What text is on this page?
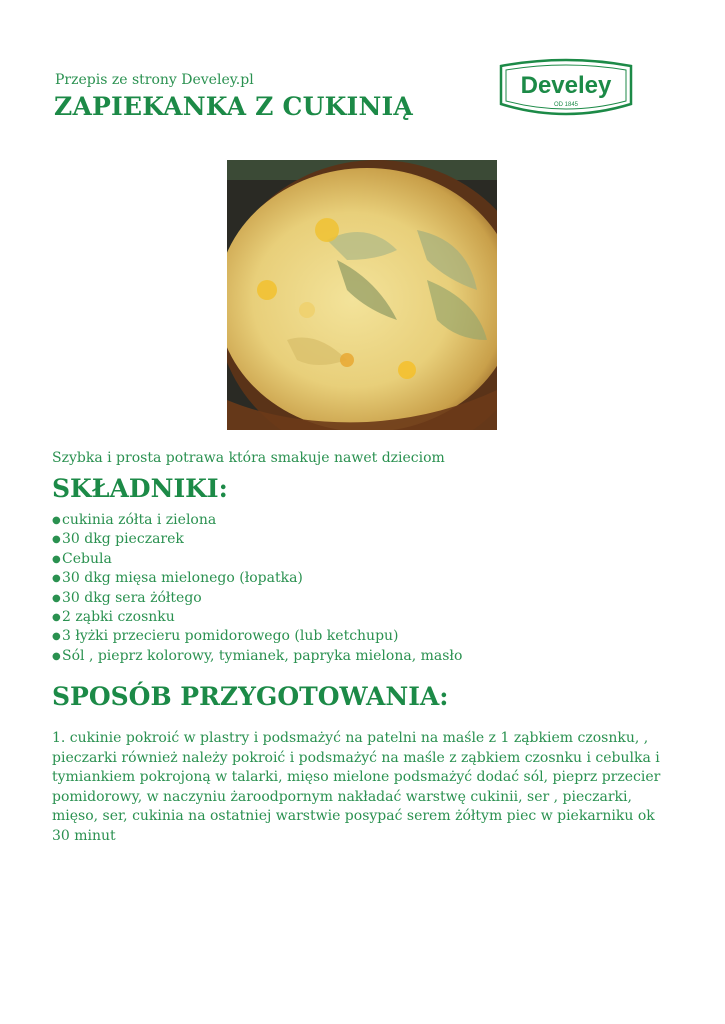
Przepis ze strony Develey.pl
ZAPIEKANKA Z CUKINIĄ
Develey
OD 1845
Szybka i prosta potrawa która smakuje nawet dzieciom
SKŁADNIKI:
● cukinia zółta i zielona
● 30 dkg pieczarek
● Cebula
● 30 dkg mięsa mielonego (łopatka)
● 30 dkg sera żółtego
● 2 ząbki czosnku
● 3 łyżki przecieru pomidorowego (lub ketchupu)
● Sól , pieprz kolorowy, tymianek, papryka mielona, masło
SPOSÓB PRZYGOTOWANIA:
1. cukinie pokroić w plastry i podsmażyć na patelni na maśle z 1 ząbkiem czosnku, , pieczarki również należy pokroić i podsmażyć na maśle z ząbkiem czosnku i cebulka i tymiankiem pokrojoną w talarki, mięso mielone podsmażyć dodać sól, pieprz przecier pomidorowy, w naczyniu żaroodpornym nakładać warstwę cukinii, ser , pieczarki, mięso, ser, cukinia na ostatniej warstwie posypać serem żółtym piec w piekarniku ok 30 minut
